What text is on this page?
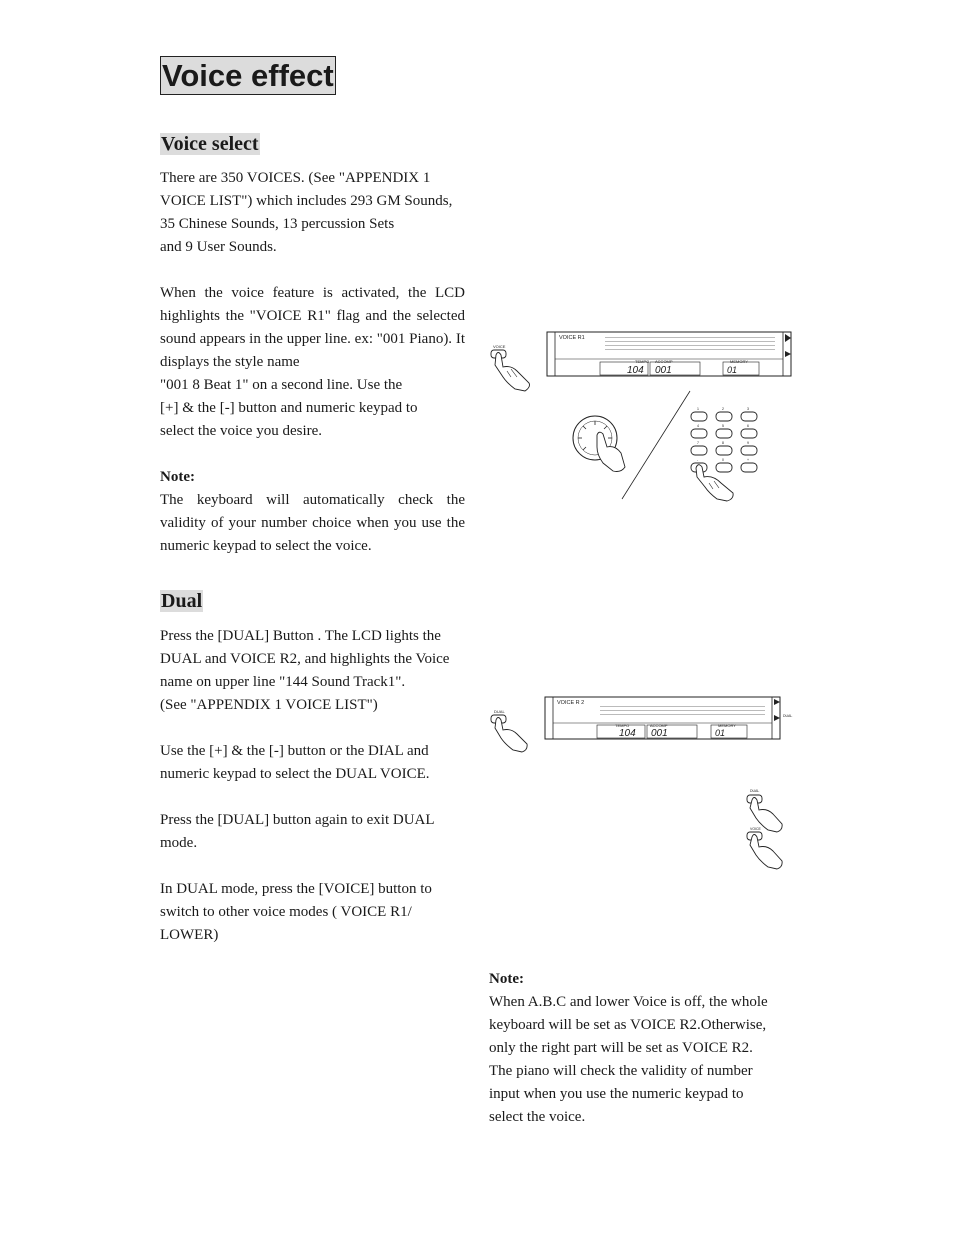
Voice effect
Voice select

There are 350 VOICES. (See "APPENDIX 1

VOICE LIST") which includes 293 GM Sounds,

35 Chinese Sounds, 13 percussion Sets

and 9 User Sounds.

When the voice feature is activated, the LCD highlights the "VOICE R1" flag and the selected sound appears in the upper line. ex: "001 Piano). It displays the style name

"001 8 Beat 1" on a second line. Use the

[+] & the [-] button and numeric keypad to

select the voice you desire.

Note:

The keyboard will automatically check the validity of your number choice when you use the numeric keypad to select the voice.

Dual

Press the [DUAL] Button . The LCD lights the

DUAL and VOICE R2, and highlights the Voice

name on upper line "144 Sound Track1".

(See "APPENDIX 1 VOICE LIST")

Use the [+] & the [-] button or the DIAL and

numeric keypad to select the DUAL VOICE.

Press the [DUAL] button again to exit DUAL

mode.

In DUAL mode, press the [VOICE] button to

switch to other voice modes ( VOICE R1/

LOWER)

Note:

When A.B.C and lower Voice is off, the whole

keyboard will be set as VOICE R2.Otherwise,

only the right part will be set as VOICE R2.

The piano will check the validity of number

input when you use the numeric keypad to

select the voice.

VOICE R1
TEMPO
104
ACCOMP
001
MEMORY
01
VOICE
1	2	3
4	5	6
7	8	9
-	0	+
DUAL
VOICE R 2
TEMPO
104
ACCOMP
001
MEMORY
01
DUAL
DUAL
VOICE
